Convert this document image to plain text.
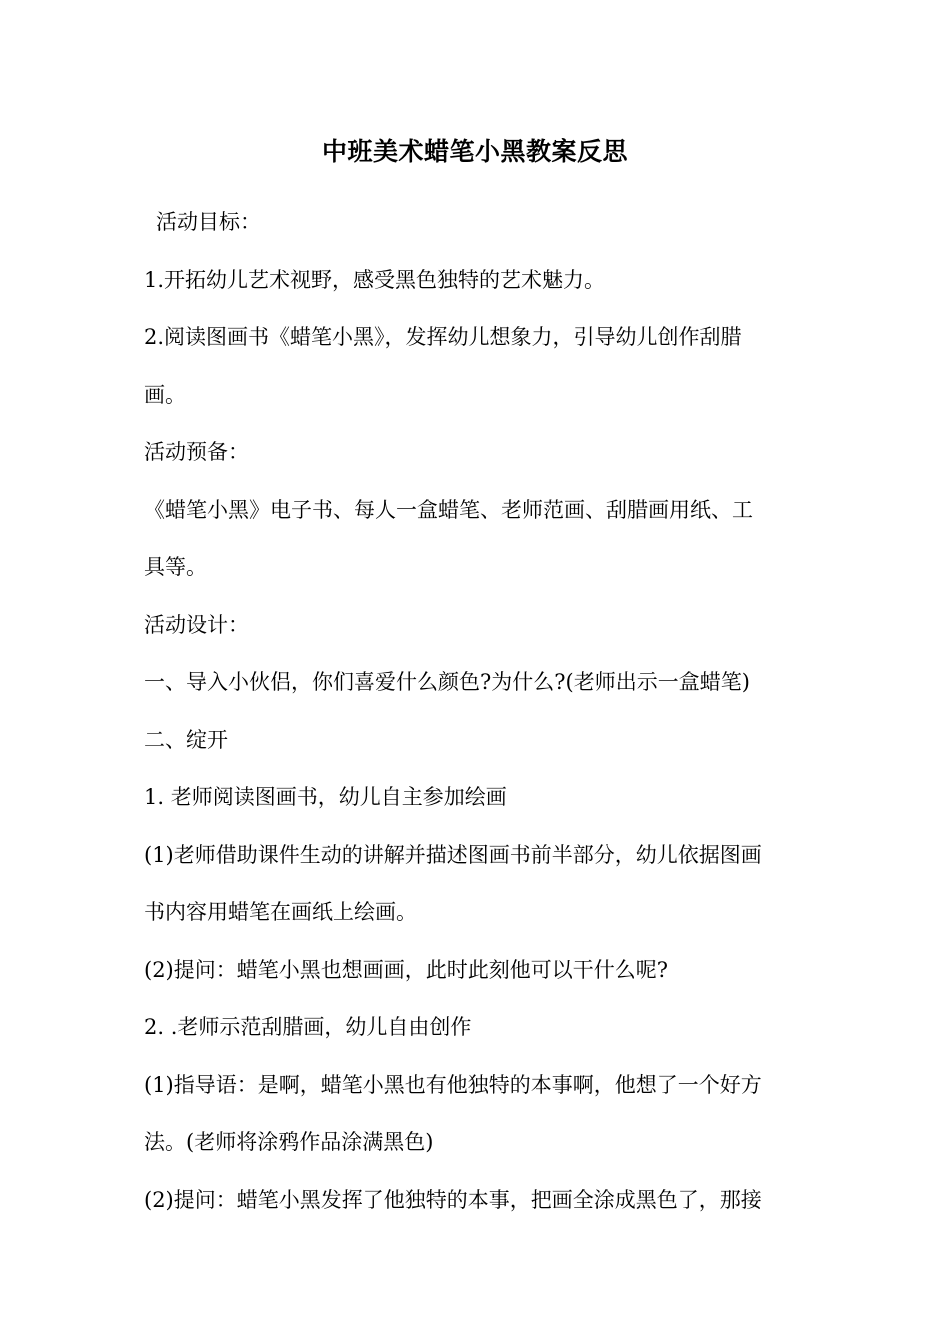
中班美术蜡笔小黑教案反思
活动目标：
1.开拓幼儿艺术视野，感受黑色独特的艺术魅力。
2.阅读图画书《蜡笔小黑》，发挥幼儿想象力，引导幼儿创作刮腊
画。
活动预备：
《蜡笔小黑》电子书、每人一盒蜡笔、老师范画、刮腊画用纸、工
具等。
活动设计：
一、导入小伙侣，你们喜爱什么颜色?为什么?(老师出示一盒蜡笔)
二、绽开
1. 老师阅读图画书，幼儿自主参加绘画
(1)老师借助课件生动的讲解并描述图画书前半部分，幼儿依据图画
书内容用蜡笔在画纸上绘画。
(2)提问：蜡笔小黑也想画画，此时此刻他可以干什么呢?
2. .老师示范刮腊画，幼儿自由创作
(1)指导语：是啊，蜡笔小黑也有他独特的本事啊，他想了一个好方
法。(老师将涂鸦作品涂满黑色)
(2)提问：蜡笔小黑发挥了他独特的本事，把画全涂成黑色了，那接
